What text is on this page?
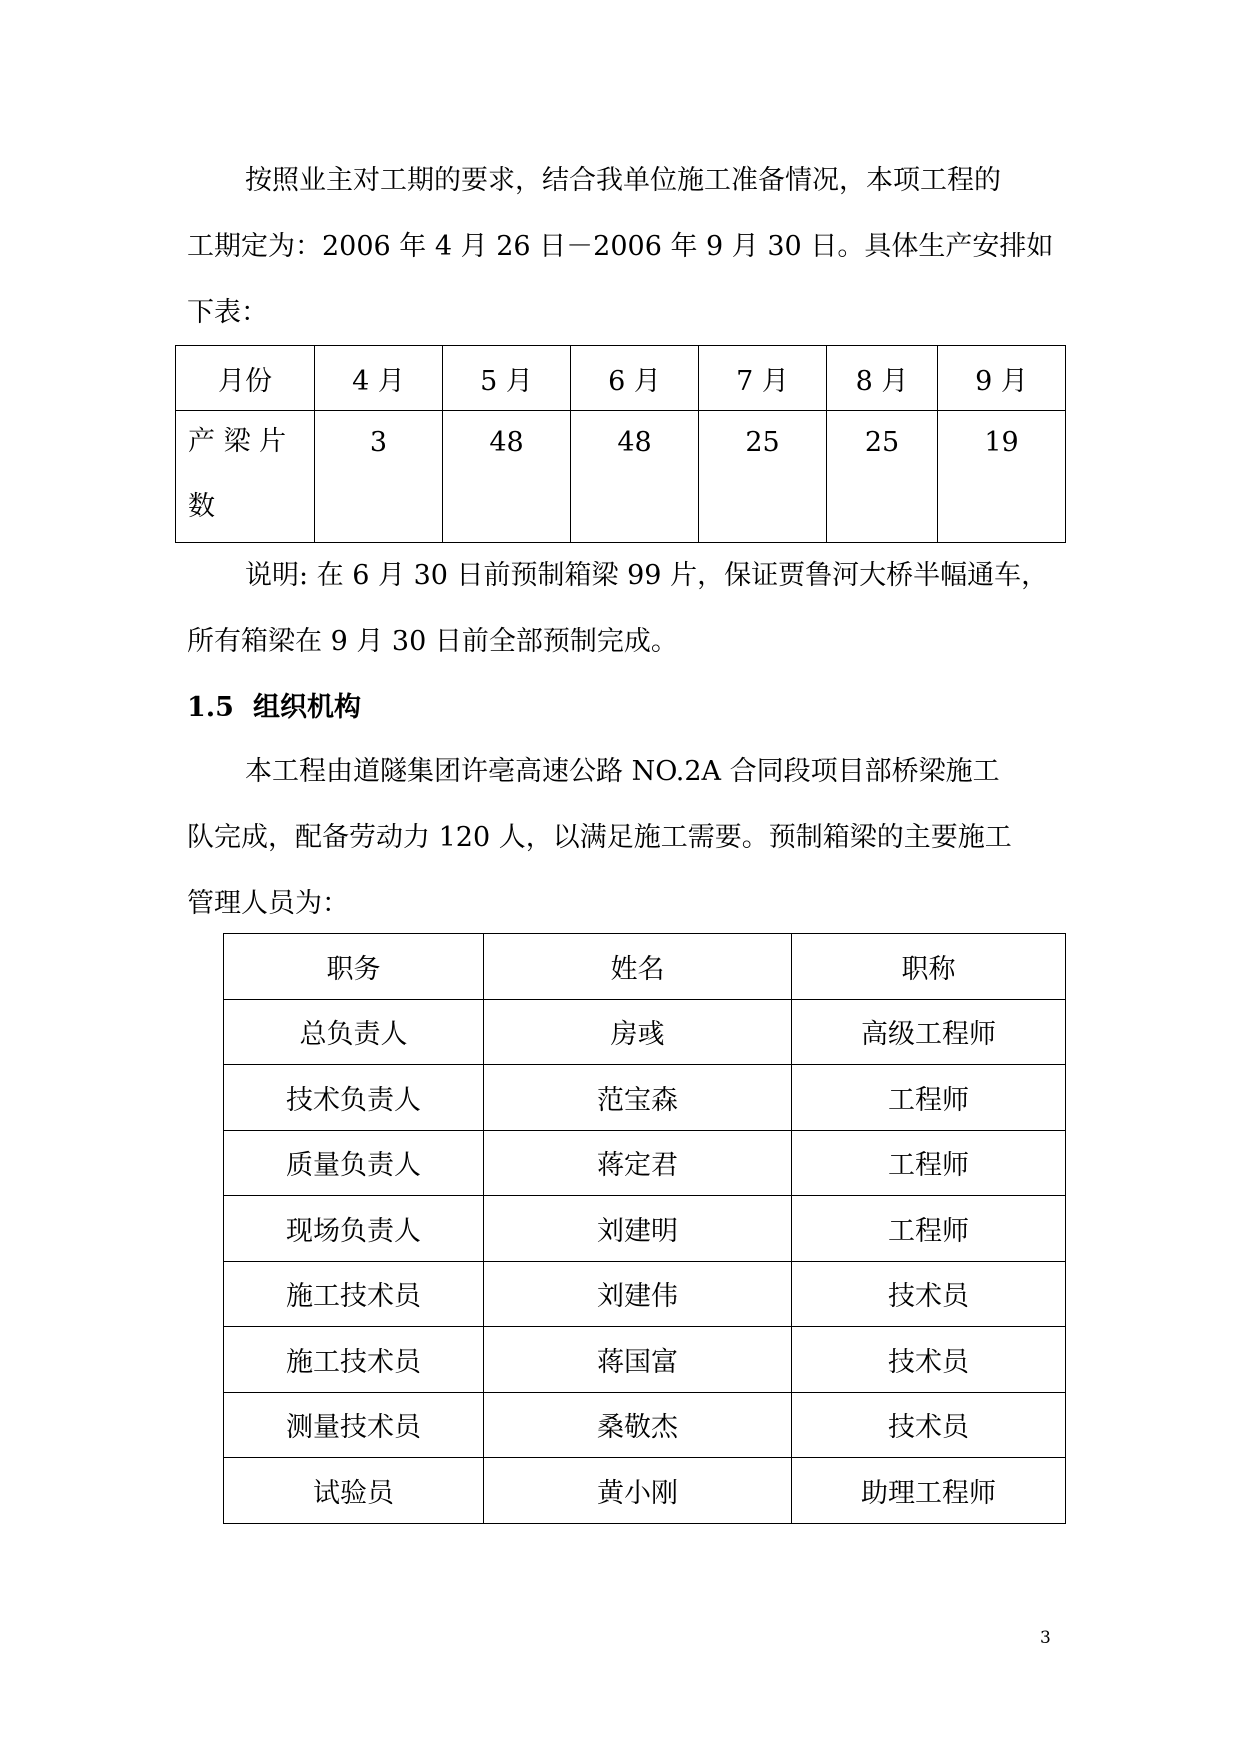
按照业主对工期的要求，结合我单位施工准备情况，本项工程的
工期定为：2006 年 4 月 26 日－2006 年 9 月 30 日。具体生产安排如
下表：
月份	4 月	5 月	6 月	7 月	8 月	9 月

产 梁 片
数	3	48	48	25	25	19
说明: 在 6 月 30 日前预制箱梁 99 片，保证贾鲁河大桥半幅通车，
所有箱梁在 9 月 30 日前全部预制完成。
1.5 组织机构
本工程由道隧集团许亳高速公路 NO.2A 合同段项目部桥梁施工
队完成，配备劳动力 120 人，以满足施工需要。预制箱梁的主要施工
管理人员为：
职务	姓名	职称
总负责人	房彧	高级工程师
技术负责人	范宝森	工程师
质量负责人	蒋定君	工程师
现场负责人	刘建明	工程师
施工技术员	刘建伟	技术员
施工技术员	蒋国富	技术员
测量技术员	桑敬杰	技术员
试验员	黄小刚	助理工程师
3
